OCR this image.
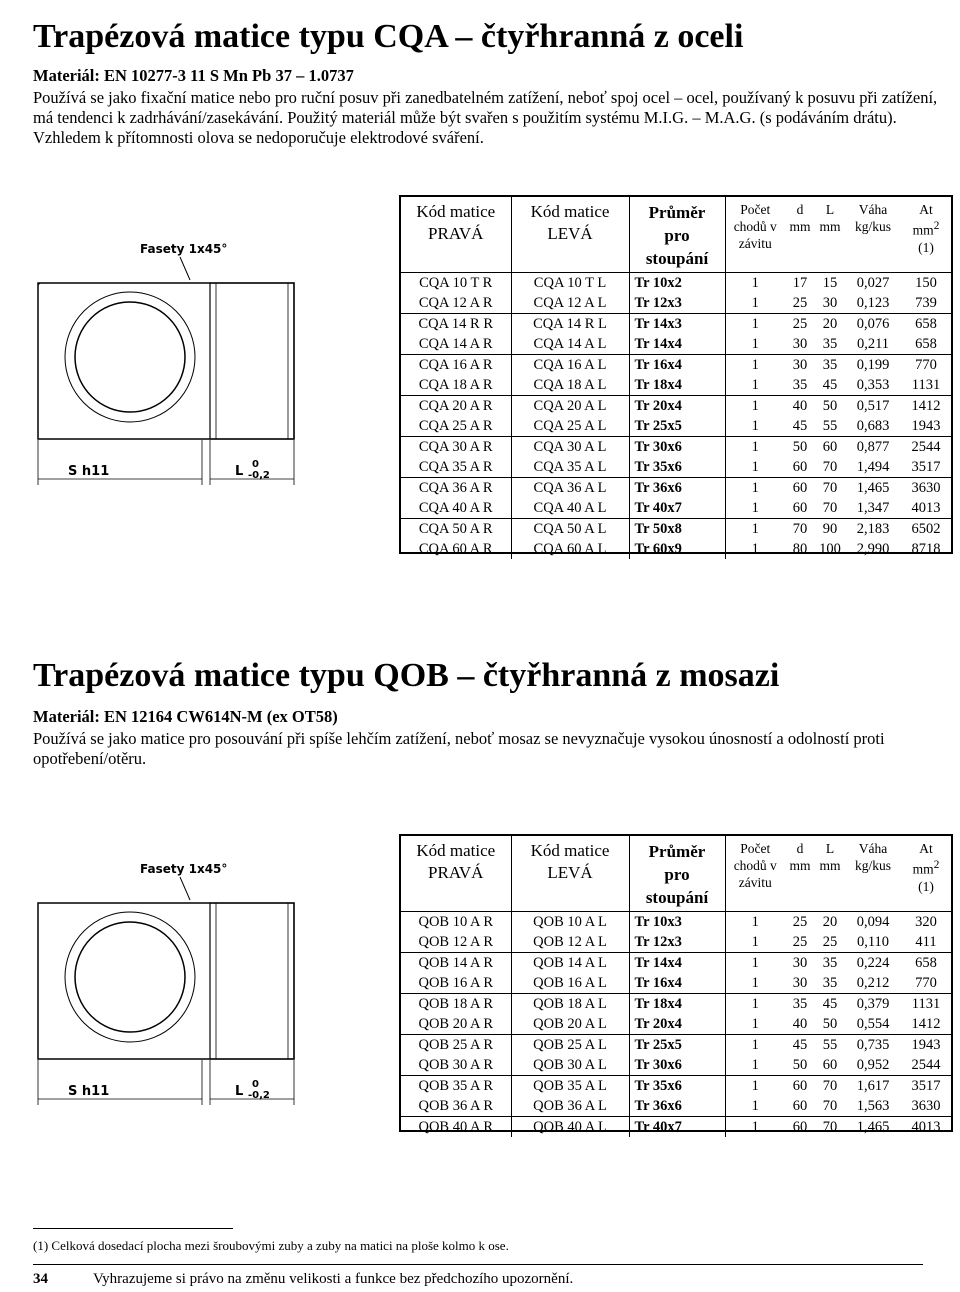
Trapézová matice typu CQA – čtyřhranná z oceli
Materiál: EN 10277-3 11 S Mn Pb 37 – 1.0737
Používá se jako fixační matice nebo pro ruční posuv při zanedbatelném zatížení, neboť spoj ocel – ocel, používaný k posuvu při zatížení, má tendenci k zadrhávání/zasekávání. Použitý materiál může být svařen s použitím systému M.I.G. – M.A.G. (s podáváním drátu). Vzhledem k přítomnosti olova se nedoporučuje elektrodové sváření.
Fasety 1x45°
S h11	L 0
-0,2
Kód matice
PRAVÁ	Kód matice
LEVÁ	Průměr
pro
stoupání	Počet
chodů v
závitu	d
mm	L
mm	Váha
kg/kus	At
$mm^2$
(1)
CQA 10 T R	CQA 10 T L	Tr 10x2	1	17	15	0,027	150
CQA 12 A R	CQA 12 A L	Tr 12x3	1	25	30	0,123	739
CQA 14 R R	CQA 14 R L	Tr 14x3	1	25	20	0,076	658
CQA 14 A R	CQA 14 A L	Tr 14x4	1	30	35	0,211	658
CQA 16 A R	CQA 16 A L	Tr 16x4	1	30	35	0,199	770
CQA 18 A R	CQA 18 A L	Tr 18x4	1	35	45	0,353	1131
CQA 20 A R	CQA 20 A L	Tr 20x4	1	40	50	0,517	1412
CQA 25 A R	CQA 25 A L	Tr 25x5	1	45	55	0,683	1943
CQA 30 A R	CQA 30 A L	Tr 30x6	1	50	60	0,877	2544
CQA 35 A R	CQA 35 A L	Tr 35x6	1	60	70	1,494	3517
CQA 36 A R	CQA 36 A L	Tr 36x6	1	60	70	1,465	3630
CQA 40 A R	CQA 40 A L	Tr 40x7	1	60	70	1,347	4013
CQA 50 A R	CQA 50 A L	Tr 50x8	1	70	90	2,183	6502
CQA 60 A R	CQA 60 A L	Tr 60x9	1	80	100	2,990	8718
Trapézová matice typu QOB – čtyřhranná z mosazi
Materiál: EN 12164 CW614N-M (ex OT58)
Používá se jako matice pro posouvání při spíše lehčím zatížení, neboť mosaz se nevyznačuje vysokou únosností a odolností proti opotřebení/otěru.
Fasety 1x45°
S h11	L 0
-0,2
Kód matice
PRAVÁ	Kód matice
LEVÁ	Průměr
pro
stoupání	Počet
chodů v
závitu	d
mm	L
mm	Váha
kg/kus	At
$mm^2$
(1)
QOB 10 A R	QOB 10 A L	Tr 10x3	1	25	20	0,094	320
QOB 12 A R	QOB 12 A L	Tr 12x3	1	25	25	0,110	411
QOB 14 A R	QOB 14 A L	Tr 14x4	1	30	35	0,224	658
QOB 16 A R	QOB 16 A L	Tr 16x4	1	30	35	0,212	770
QOB 18 A R	QOB 18 A L	Tr 18x4	1	35	45	0,379	1131
QOB 20 A R	QOB 20 A L	Tr 20x4	1	40	50	0,554	1412
QOB 25 A R	QOB 25 A L	Tr 25x5	1	45	55	0,735	1943
QOB 30 A R	QOB 30 A L	Tr 30x6	1	50	60	0,952	2544
QOB 35 A R	QOB 35 A L	Tr 35x6	1	60	70	1,617	3517
QOB 36 A R	QOB 36 A L	Tr 36x6	1	60	70	1,563	3630
QOB 40 A R	QOB 40 A L	Tr 40x7	1	60	70	1,465	4013
(1) Celková dosedací plocha mezi šroubovými zuby a zuby na matici na ploše kolmo k ose.
34	Vyhrazujeme si právo na změnu velikosti a funkce bez předchozího upozornění.
